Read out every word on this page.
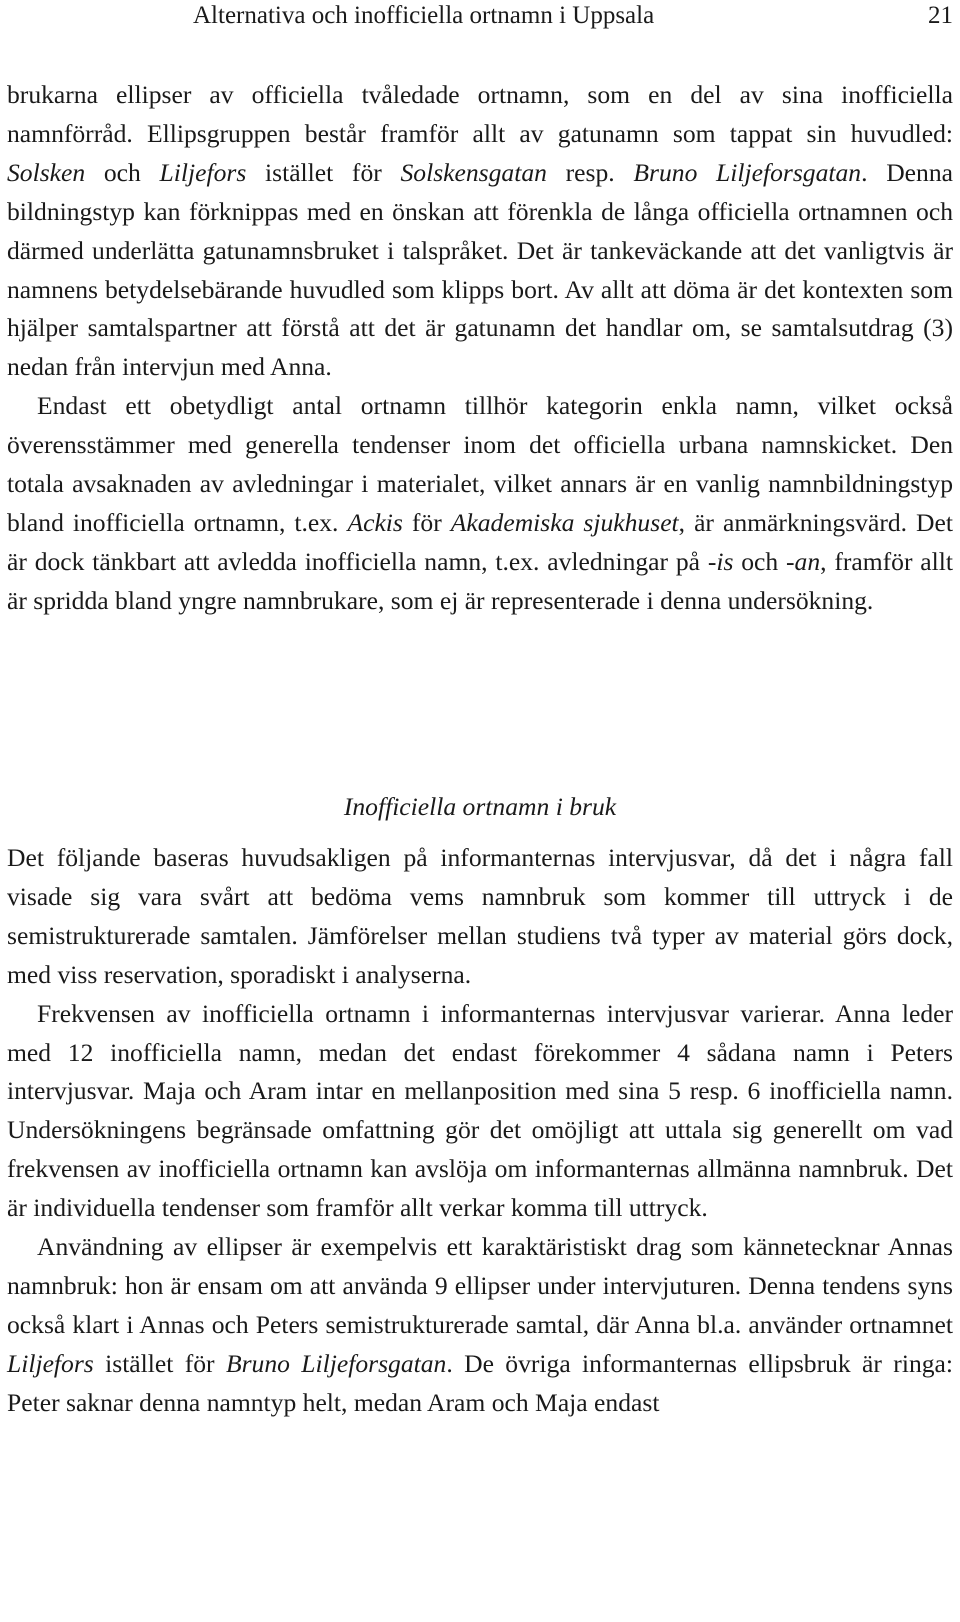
Alternativa och inofficiella ortnamn i Uppsala	21

brukarna ellipser av officiella tvåledade ortnamn, som en del av sina inofficiella namnförråd. Ellipsgruppen består framför allt av gatunamn som tappat sin huvudled: Solsken och Liljefors istället för Solskensgatan resp. Bruno Liljeforsgatan. Denna bildningstyp kan förknippas med en önskan att förenkla de långa officiella ortnamnen och därmed underlätta gatunamnsbruket i talspråket. Det är tankeväckande att det vanligtvis är namnens betydelsebärande huvudled som klipps bort. Av allt att döma är det kontexten som hjälper samtalspartner att förstå att det är gatunamn det handlar om, se samtalsutdrag (3) nedan från intervjun med Anna.

Endast ett obetydligt antal ortnamn tillhör kategorin enkla namn, vilket också överensstämmer med generella tendenser inom det officiella urbana namnskicket. Den totala avsaknaden av avledningar i materialet, vilket annars är en vanlig namnbildningstyp bland inofficiella ortnamn, t.ex. Ackis för Akademiska sjukhuset, är anmärkningsvärd. Det är dock tänkbart att avledda inofficiella namn, t.ex. avledningar på -is och -an, framför allt är spridda bland yngre namnbrukare, som ej är representerade i denna undersökning.

Inofficiella ortnamn i bruk

Det följande baseras huvudsakligen på informanternas intervjusvar, då det i några fall visade sig vara svårt att bedöma vems namnbruk som kommer till uttryck i de semistrukturerade samtalen. Jämförelser mellan studiens två typer av material görs dock, med viss reservation, sporadiskt i analyserna.

Frekvensen av inofficiella ortnamn i informanternas intervjusvar varierar. Anna leder med 12 inofficiella namn, medan det endast förekommer 4 sådana namn i Peters intervjusvar. Maja och Aram intar en mellanposition med sina 5 resp. 6 inofficiella namn. Undersökningens begränsade omfattning gör det omöjligt att uttala sig generellt om vad frekvensen av inofficiella ortnamn kan avslöja om informanternas allmänna namnbruk. Det är individuella tendenser som framför allt verkar komma till uttryck.

Användning av ellipser är exempelvis ett karaktäristiskt drag som kännetecknar Annas namnbruk: hon är ensam om att använda 9 ellipser under intervjuturen. Denna tendens syns också klart i Annas och Peters semistrukturerade samtal, där Anna bl.a. använder ortnamnet Liljefors istället för Bruno Liljeforsgatan. De övriga informanternas ellipsbruk är ringa: Peter saknar denna namntyp helt, medan Aram och Maja endast
